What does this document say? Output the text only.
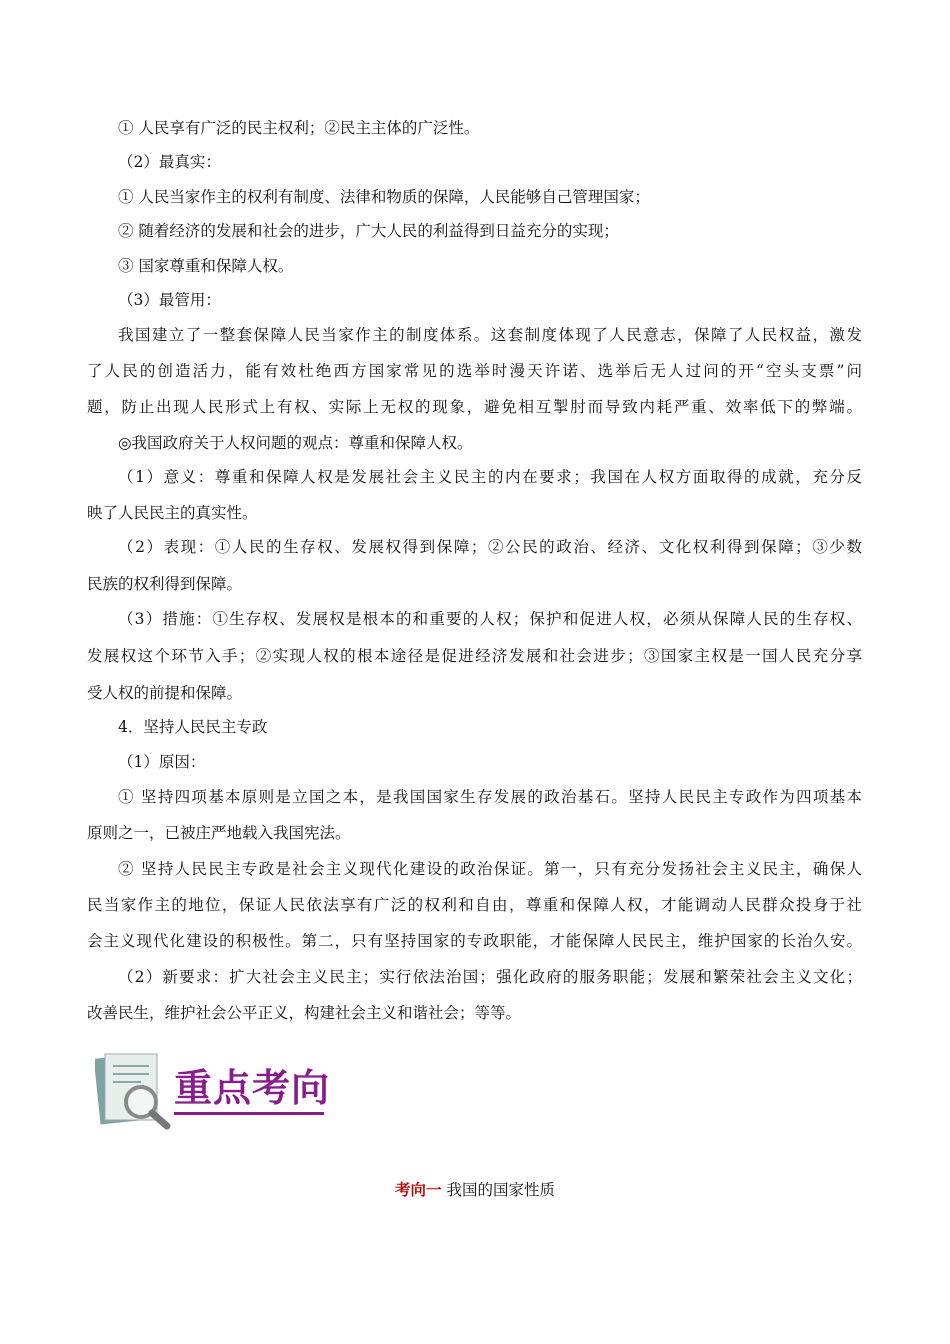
① 人民享有广泛的民主权利；②民主主体的广泛性。
（2）最真实：
① 人民当家作主的权利有制度、法律和物质的保障，人民能够自己管理国家；
② 随着经济的发展和社会的进步，广大人民的利益得到日益充分的实现；
③ 国家尊重和保障人权。
（3）最管用：
我国建立了一整套保障人民当家作主的制度体系。这套制度体现了人民意志，保障了人民权益，激发
了人民的创造活力，能有效杜绝西方国家常见的选举时漫天许诺、选举后无人过问的开“空头支票”问
题，防止出现人民形式上有权、实际上无权的现象，避免相互掣肘而导致内耗严重、效率低下的弊端。
◎我国政府关于人权问题的观点：尊重和保障人权。
（1）意义：尊重和保障人权是发展社会主义民主的内在要求；我国在人权方面取得的成就，充分反
映了人民民主的真实性。
（2）表现：①人民的生存权、发展权得到保障；②公民的政治、经济、文化权利得到保障；③少数
民族的权利得到保障。
（3）措施：①生存权、发展权是根本的和重要的人权；保护和促进人权，必须从保障人民的生存权、
发展权这个环节入手；②实现人权的根本途径是促进经济发展和社会进步；③国家主权是一国人民充分享
受人权的前提和保障。
4．坚持人民民主专政
（1）原因：
① 坚持四项基本原则是立国之本，是我国国家生存发展的政治基石。坚持人民民主专政作为四项基本
原则之一，已被庄严地载入我国宪法。
② 坚持人民民主专政是社会主义现代化建设的政治保证。第一，只有充分发扬社会主义民主，确保人
民当家作主的地位，保证人民依法享有广泛的权利和自由，尊重和保障人权，才能调动人民群众投身于社
会主义现代化建设的积极性。第二，只有坚持国家的专政职能，才能保障人民民主，维护国家的长治久安。
（2）新要求：扩大社会主义民主；实行依法治国；强化政府的服务职能；发展和繁荣社会主义文化；
改善民生，维护社会公平正义，构建社会主义和谐社会；等等。
重点考向
考向一 我国的国家性质
